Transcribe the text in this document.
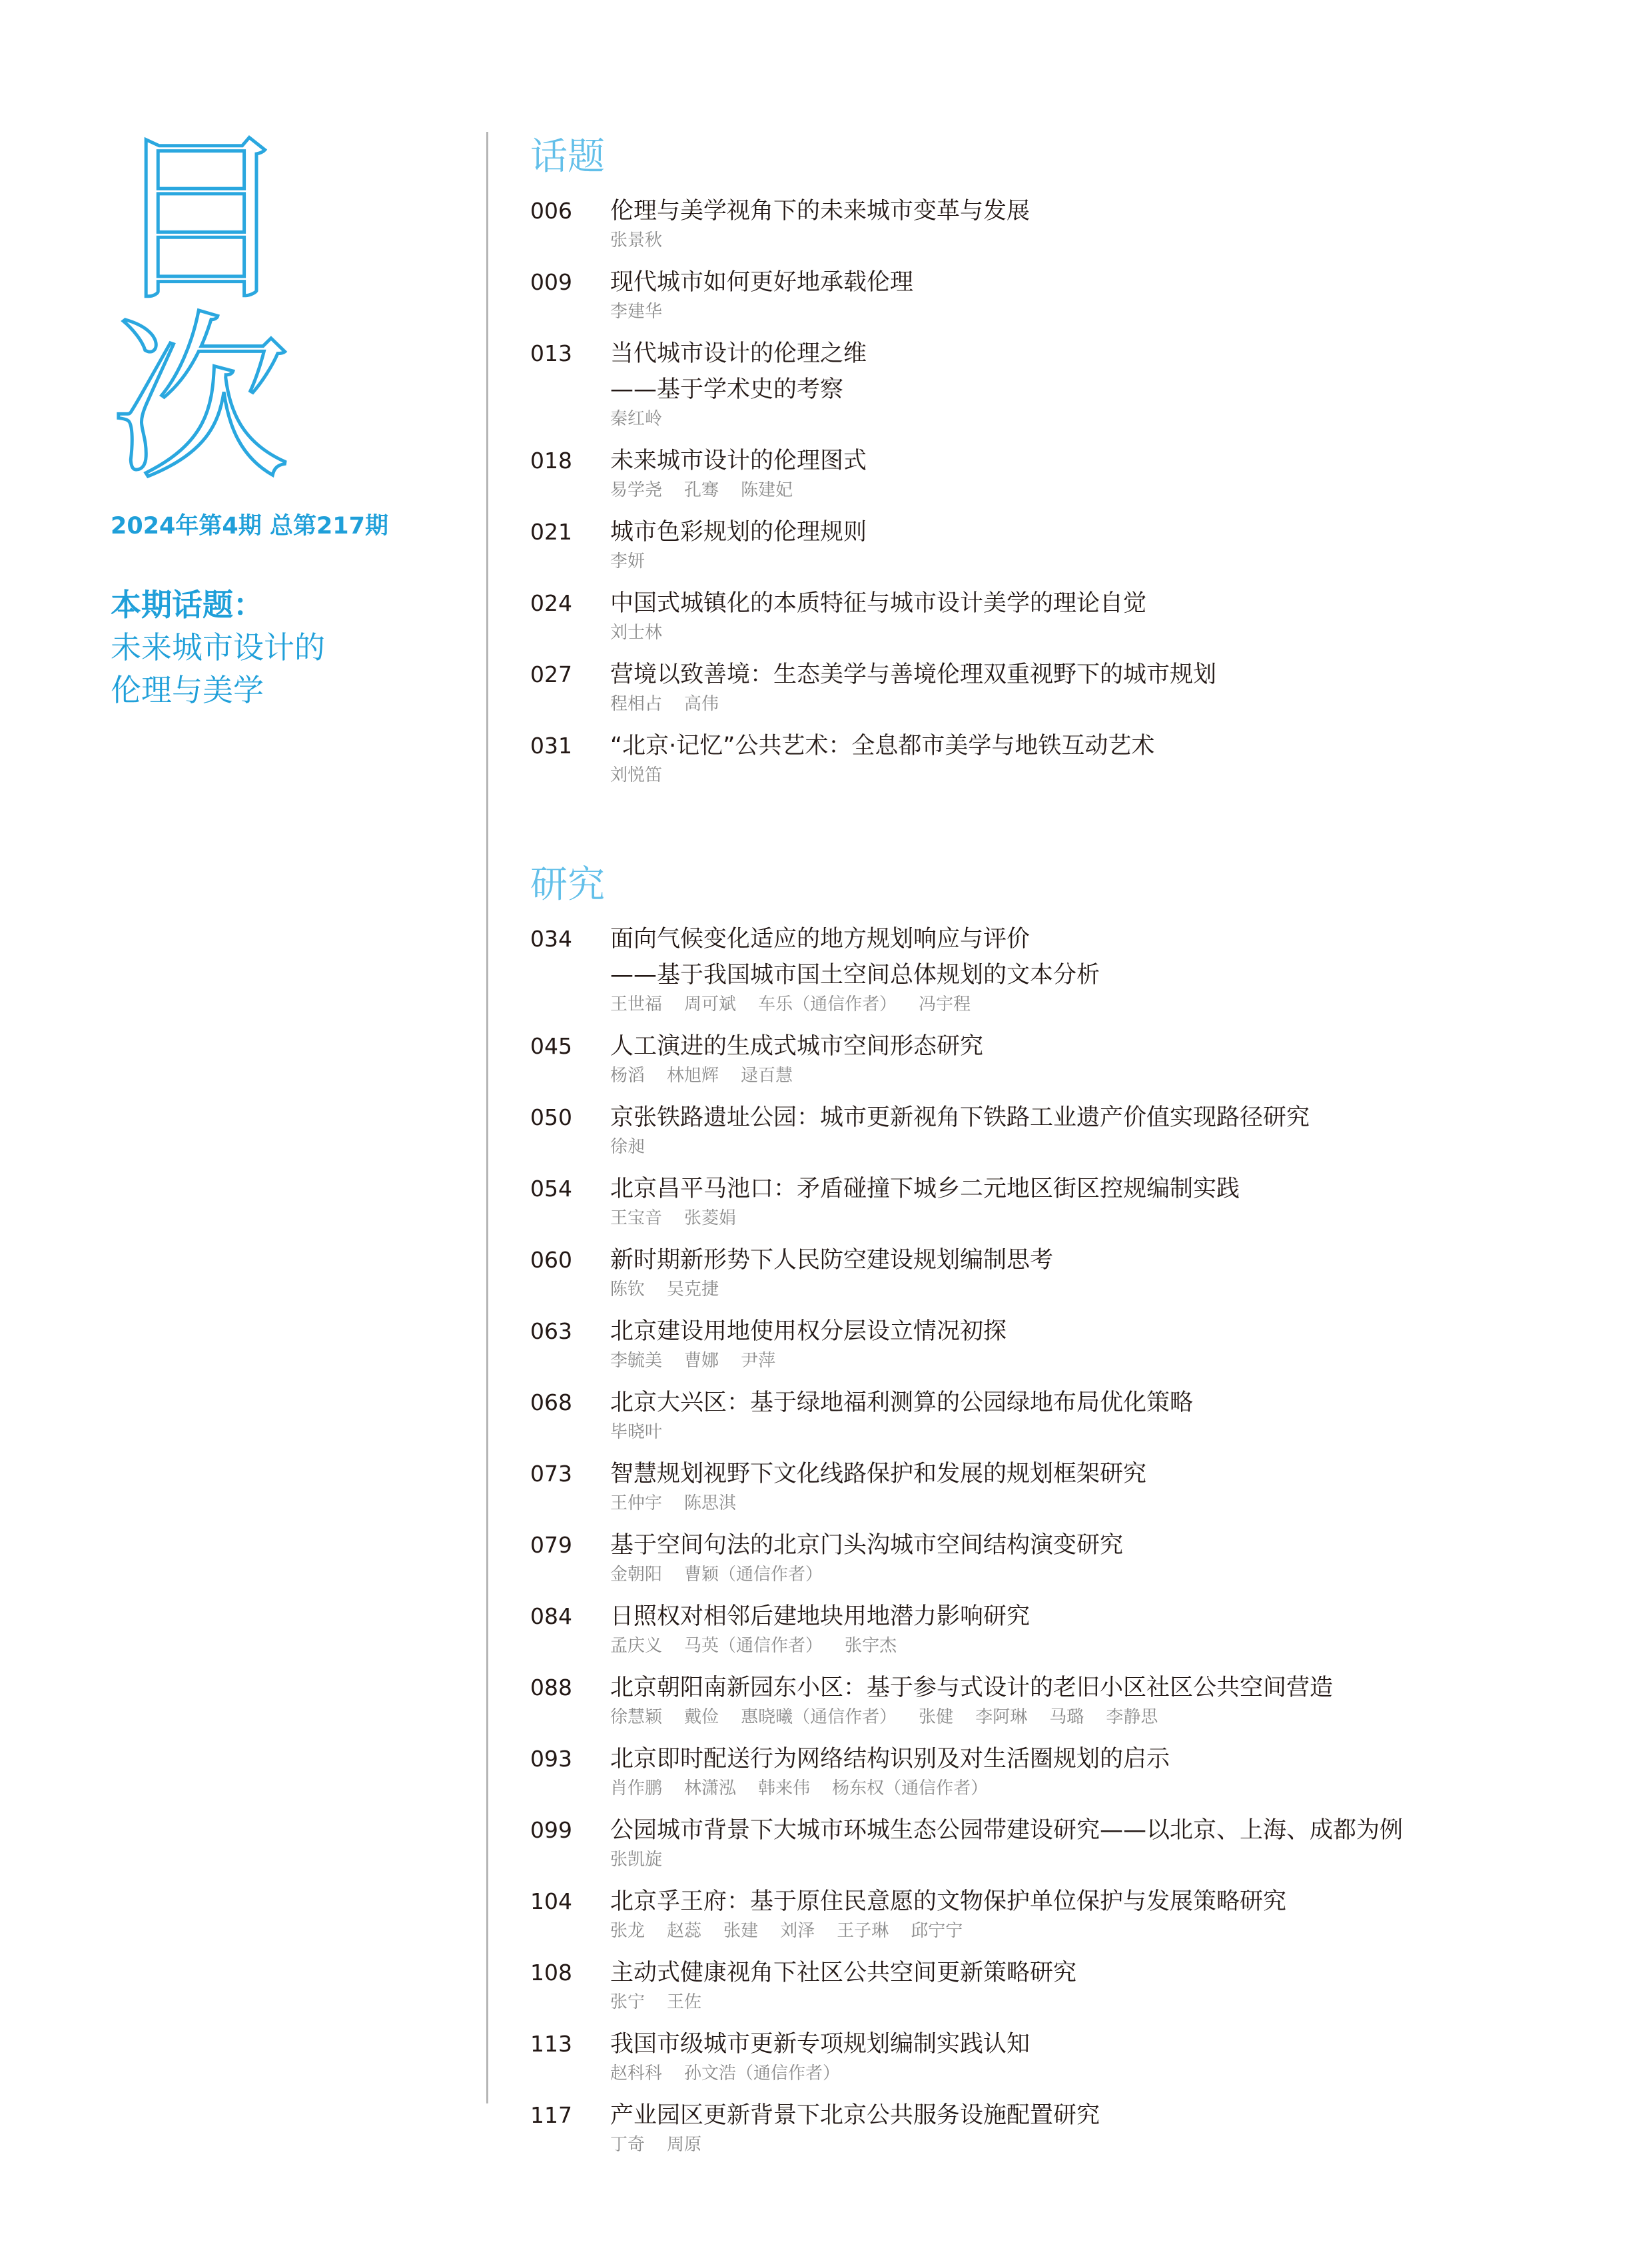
目次
2024年第4期 总第217期
本期话题：
未来城市设计的
伦理与美学
话题
006	伦理与美学视角下的未来城市变革与发展
张景秋
009	现代城市如何更好地承载伦理
李建华
013	当代城市设计的伦理之维
——基于学术史的考察
秦红岭
018	未来城市设计的伦理图式
易学尧    孔骞    陈建妃
021	城市色彩规划的伦理规则
李妍
024	中国式城镇化的本质特征与城市设计美学的理论自觉
刘士林
027	营境以致善境：生态美学与善境伦理双重视野下的城市规划
程相占    高伟
031	“北京·记忆”公共艺术：全息都市美学与地铁互动艺术
刘悦笛
研究
034	面向气候变化适应的地方规划响应与评价
——基于我国城市国土空间总体规划的文本分析
王世福    周可斌    车乐（通信作者）    冯宇程
045	人工演进的生成式城市空间形态研究
杨滔    林旭辉    逯百慧
050	京张铁路遗址公园：城市更新视角下铁路工业遗产价值实现路径研究
徐昶
054	北京昌平马池口：矛盾碰撞下城乡二元地区街区控规编制实践
王宝音    张菱娟
060	新时期新形势下人民防空建设规划编制思考
陈钦    吴克捷
063	北京建设用地使用权分层设立情况初探
李毓美    曹娜    尹萍
068	北京大兴区：基于绿地福利测算的公园绿地布局优化策略
毕晓叶
073	智慧规划视野下文化线路保护和发展的规划框架研究
王仲宇    陈思淇
079	基于空间句法的北京门头沟城市空间结构演变研究
金朝阳    曹颖（通信作者）
084	日照权对相邻后建地块用地潜力影响研究
孟庆义    马英（通信作者）    张宇杰
088	北京朝阳南新园东小区：基于参与式设计的老旧小区社区公共空间营造
徐慧颖    戴俭    惠晓曦（通信作者）    张健    李阿琳    马璐    李静思
093	北京即时配送行为网络结构识别及对生活圈规划的启示
肖作鹏    林潇泓    韩来伟    杨东权（通信作者）
099	公园城市背景下大城市环城生态公园带建设研究——以北京、上海、成都为例
张凯旋
104	北京孚王府：基于原住民意愿的文物保护单位保护与发展策略研究
张龙    赵蕊    张建    刘泽    王子琳    邱宁宁
108	主动式健康视角下社区公共空间更新策略研究
张宁    王佐
113	我国市级城市更新专项规划编制实践认知
赵科科    孙文浩（通信作者）
117	产业园区更新背景下北京公共服务设施配置研究
丁奇    周原
